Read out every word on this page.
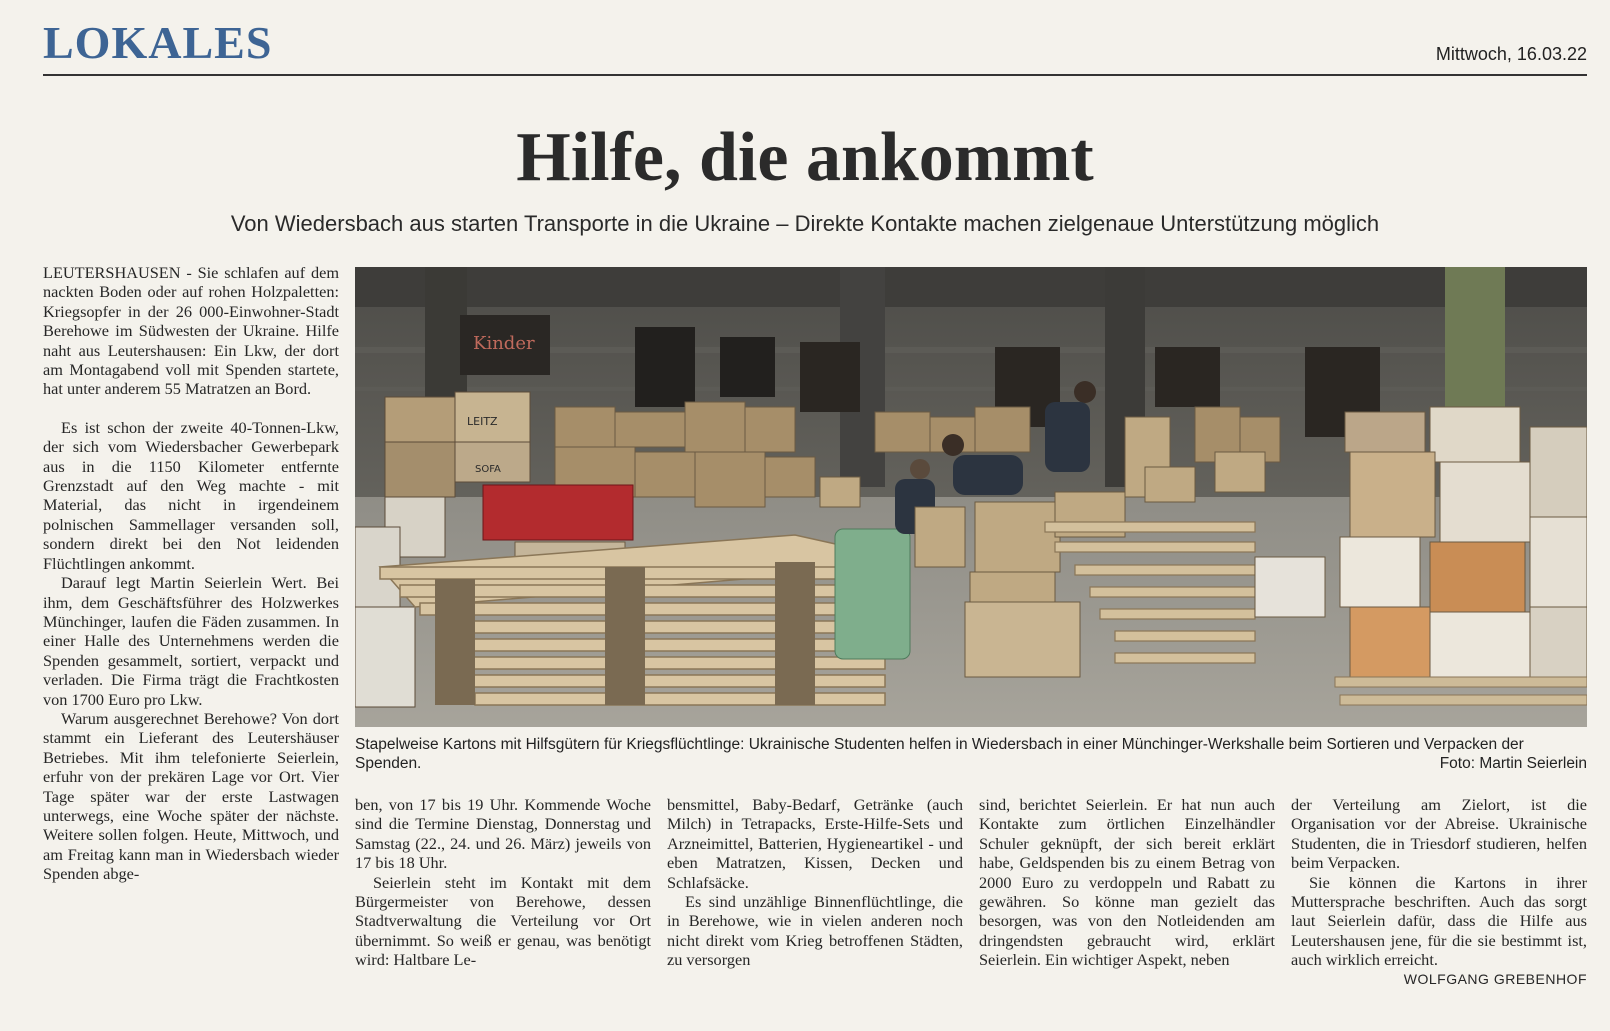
LOKALES	Mittwoch, 16.03.22
Hilfe, die ankommt
Von Wiedersbach aus starten Transporte in die Ukraine – Direkte Kontakte machen zielgenaue Unterstützung möglich

LEUTERSHAUSEN - Sie schlafen auf dem nackten Boden oder auf rohen Holzpaletten: Kriegsopfer in der 26 000-Einwohner-Stadt Berehowe im Südwesten der Ukraine. Hilfe naht aus Leutershausen: Ein Lkw, der dort am Montagabend voll mit Spenden startete, hat unter anderem 55 Matratzen an Bord.

Es ist schon der zweite 40-Tonnen-Lkw, der sich vom Wiedersbacher Gewerbepark aus in die 1150 Kilometer entfernte Grenzstadt auf den Weg machte - mit Material, das nicht in irgendeinem polnischen Sammellager versanden soll, sondern direkt bei den Not leidenden Flüchtlingen ankommt.

Darauf legt Martin Seierlein Wert. Bei ihm, dem Geschäftsführer des Holzwerkes Münchinger, laufen die Fäden zusammen. In einer Halle des Unternehmens werden die Spenden gesammelt, sortiert, verpackt und verladen. Die Firma trägt die Frachtkosten von 1700 Euro pro Lkw.

Warum ausgerechnet Berehowe? Von dort stammt ein Lieferant des Leutershäuser Betriebes. Mit ihm telefonierte Seierlein, erfuhr von der prekären Lage vor Ort. Vier Tage später war der erste Lastwagen unterwegs, eine Woche später der nächste. Weitere sollen folgen. Heute, Mittwoch, und am Freitag kann man in Wiedersbach wieder Spenden abge-

Kinder
LEITZ
SOFA
Stapelweise Kartons mit Hilfsgütern für Kriegsflüchtlinge: Ukrainische Studenten helfen in Wiedersbach in einer Münchinger-Werkshalle beim Sortieren und Verpacken der Spenden.	Foto: Martin Seierlein

ben, von 17 bis 19 Uhr. Kommende Woche sind die Termine Dienstag, Donnerstag und Samstag (22., 24. und 26. März) jeweils von 17 bis 18 Uhr.

Seierlein steht im Kontakt mit dem Bürgermeister von Berehowe, dessen Stadtverwaltung die Verteilung vor Ort übernimmt. So weiß er genau, was benötigt wird: Haltbare Le-

bensmittel, Baby-Bedarf, Getränke (auch Milch) in Tetrapacks, Erste-Hilfe-Sets und Arzneimittel, Batterien, Hygieneartikel - und eben Matratzen, Kissen, Decken und Schlafsäcke.

Es sind unzählige Binnenflüchtlinge, die in Berehowe, wie in vielen anderen noch nicht direkt vom Krieg betroffenen Städten, zu versorgen

sind, berichtet Seierlein. Er hat nun auch Kontakte zum örtlichen Einzelhändler Schuler geknüpft, der sich bereit erklärt habe, Geldspenden bis zu einem Betrag von 2000 Euro zu verdoppeln und Rabatt zu gewähren. So könne man gezielt das besorgen, was von den Notleidenden am dringendsten gebraucht wird, erklärt Seierlein. Ein wichtiger Aspekt, neben

der Verteilung am Zielort, ist die Organisation vor der Abreise. Ukrainische Studenten, die in Triesdorf studieren, helfen beim Verpacken.

Sie können die Kartons in ihrer Muttersprache beschriften. Auch das sorgt laut Seierlein dafür, dass die Hilfe aus Leutershausen jene, für die sie bestimmt ist, auch wirklich erreicht.
WOLFGANG GREBENHOF
